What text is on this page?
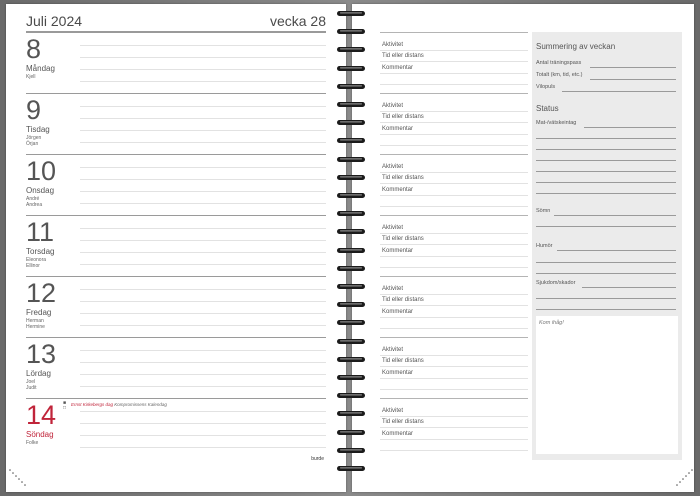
Juli 2024	vecka 28
8
Måndag
Kjell
9
Tisdag
Jörgen
Örjan
10
Onsdag
André
Andrea
11
Torsdag
Eleonora
Ellinor
12
Fredag
Herman
Hermine
13
Lördag
Joel
Judit
14
Söndag
Folke
■
□
Ernst Kirkebergs dag Kompromissens Kalendag
burde
Aktivitet
Tid eller distans
Kommentar
Aktivitet
Tid eller distans
Kommentar
Aktivitet
Tid eller distans
Kommentar
Aktivitet
Tid eller distans
Kommentar
Aktivitet
Tid eller distans
Kommentar
Aktivitet
Tid eller distans
Kommentar
Aktivitet
Tid eller distans
Kommentar
Summering av veckan
Antal träningspass
Totalt (km, tid, etc.)
Vilopuls
Status
Mat-/vätskeintag
Sömn
Humör
Sjukdom/skador
Kom ihåg!
